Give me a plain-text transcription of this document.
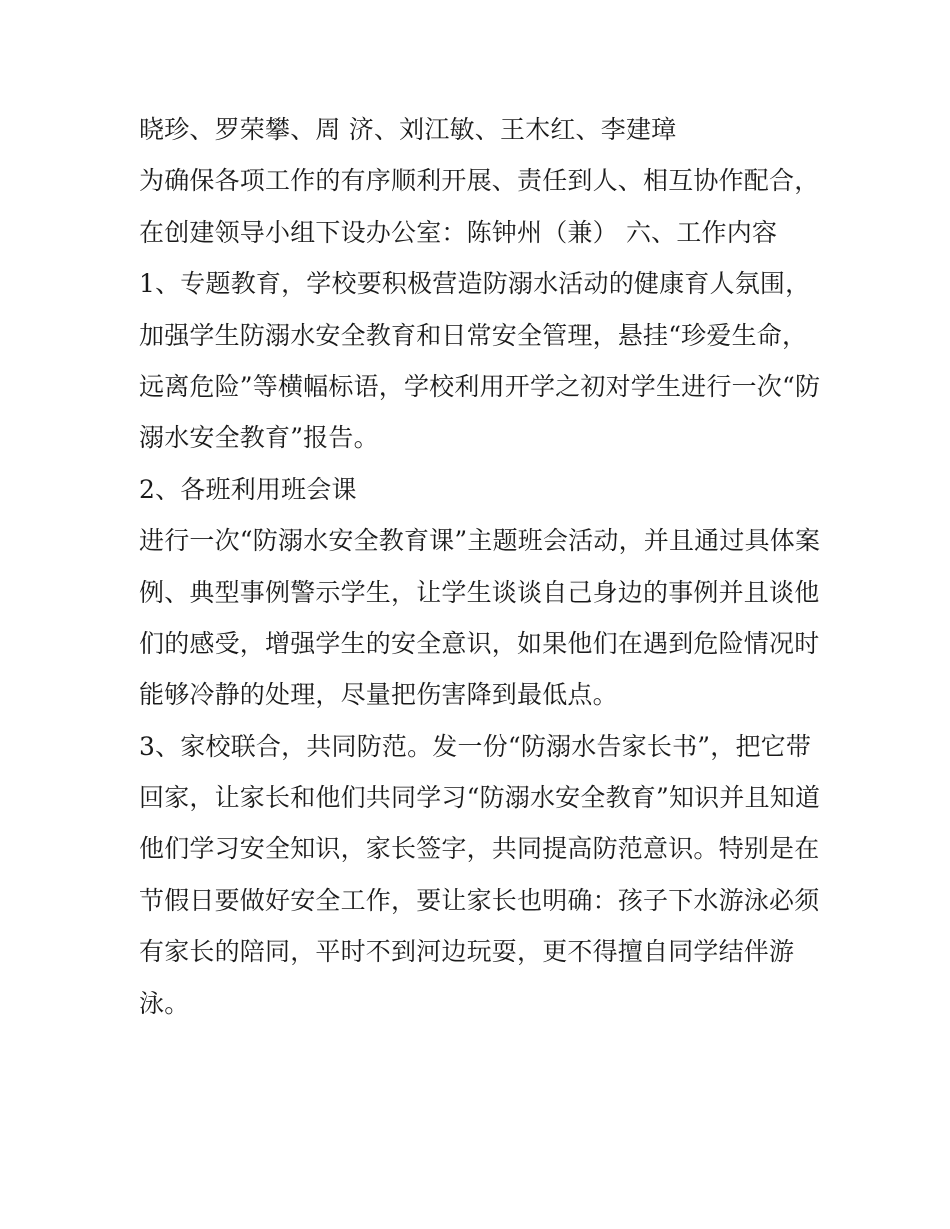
晓珍、罗荣攀、周 济、刘江敏、王木红、李建璋
为确保各项工作的有序顺利开展、责任到人、相互协作配合，
在创建领导小组下设办公室：陈钟州（兼） 六、工作内容
1、专题教育，学校要积极营造防溺水活动的健康育人氛围，
加强学生防溺水安全教育和日常安全管理，悬挂“珍爱生命，
远离危险”等横幅标语，学校利用开学之初对学生进行一次“防
溺水安全教育”报告。
2、各班利用班会课
进行一次“防溺水安全教育课”主题班会活动，并且通过具体案
例、典型事例警示学生，让学生谈谈自己身边的事例并且谈他
们的感受，增强学生的安全意识，如果他们在遇到危险情况时
能够冷静的处理，尽量把伤害降到最低点。
3、家校联合，共同防范。发一份“防溺水告家长书”，把它带
回家，让家长和他们共同学习“防溺水安全教育”知识并且知道
他们学习安全知识，家长签字，共同提高防范意识。特别是在
节假日要做好安全工作，要让家长也明确：孩子下水游泳必须
有家长的陪同，平时不到河边玩耍，更不得擅自同学结伴游
泳。
